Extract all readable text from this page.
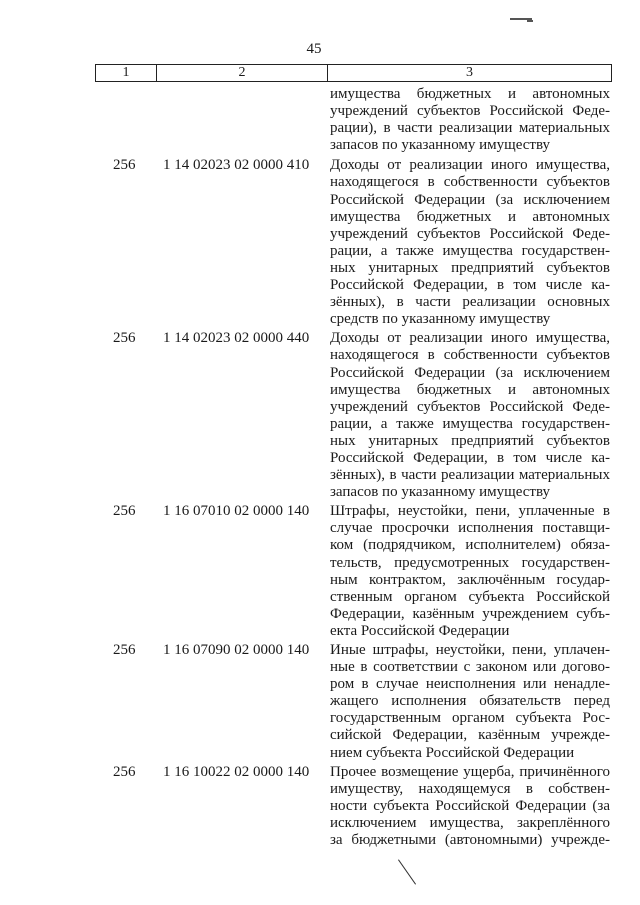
45
1	2	3
имущества бюджетных и автономных
учреждений субъектов Российской Феде-
рации), в части реализации материальных
запасов по указанному имуществу
256	1 14 02023 02 0000 410	Доходы от реализации иного имущества,
находящегося в собственности субъектов
Российской Федерации (за исключением
имущества бюджетных и автономных
учреждений субъектов Российской Феде-
рации, а также имущества государствен-
ных унитарных предприятий субъектов
Российской Федерации, в том числе ка-
зённых), в части реализации основных
средств по указанному имуществу
256	1 14 02023 02 0000 440	Доходы от реализации иного имущества,
находящегося в собственности субъектов
Российской Федерации (за исключением
имущества бюджетных и автономных
учреждений субъектов Российской Феде-
рации, а также имущества государствен-
ных унитарных предприятий субъектов
Российской Федерации, в том числе ка-
зённых), в части реализации материальных
запасов по указанному имуществу
256	1 16 07010 02 0000 140	Штрафы, неустойки, пени, уплаченные в
случае просрочки исполнения поставщи-
ком (подрядчиком, исполнителем) обяза-
тельств, предусмотренных государствен-
ным контрактом, заключённым государ-
ственным органом субъекта Российской
Федерации, казённым учреждением субъ-
екта Российской Федерации
256	1 16 07090 02 0000 140	Иные штрафы, неустойки, пени, уплачен-
ные в соответствии с законом или догово-
ром в случае неисполнения или ненадле-
жащего исполнения обязательств перед
государственным органом субъекта Рос-
сийской Федерации, казённым учрежде-
нием субъекта Российской Федерации
256	1 16 10022 02 0000 140	Прочее возмещение ущерба, причинённого
имуществу, находящемуся в собствен-
ности субъекта Российской Федерации (за
исключением имущества, закреплённого
за бюджетными (автономными) учрежде-
